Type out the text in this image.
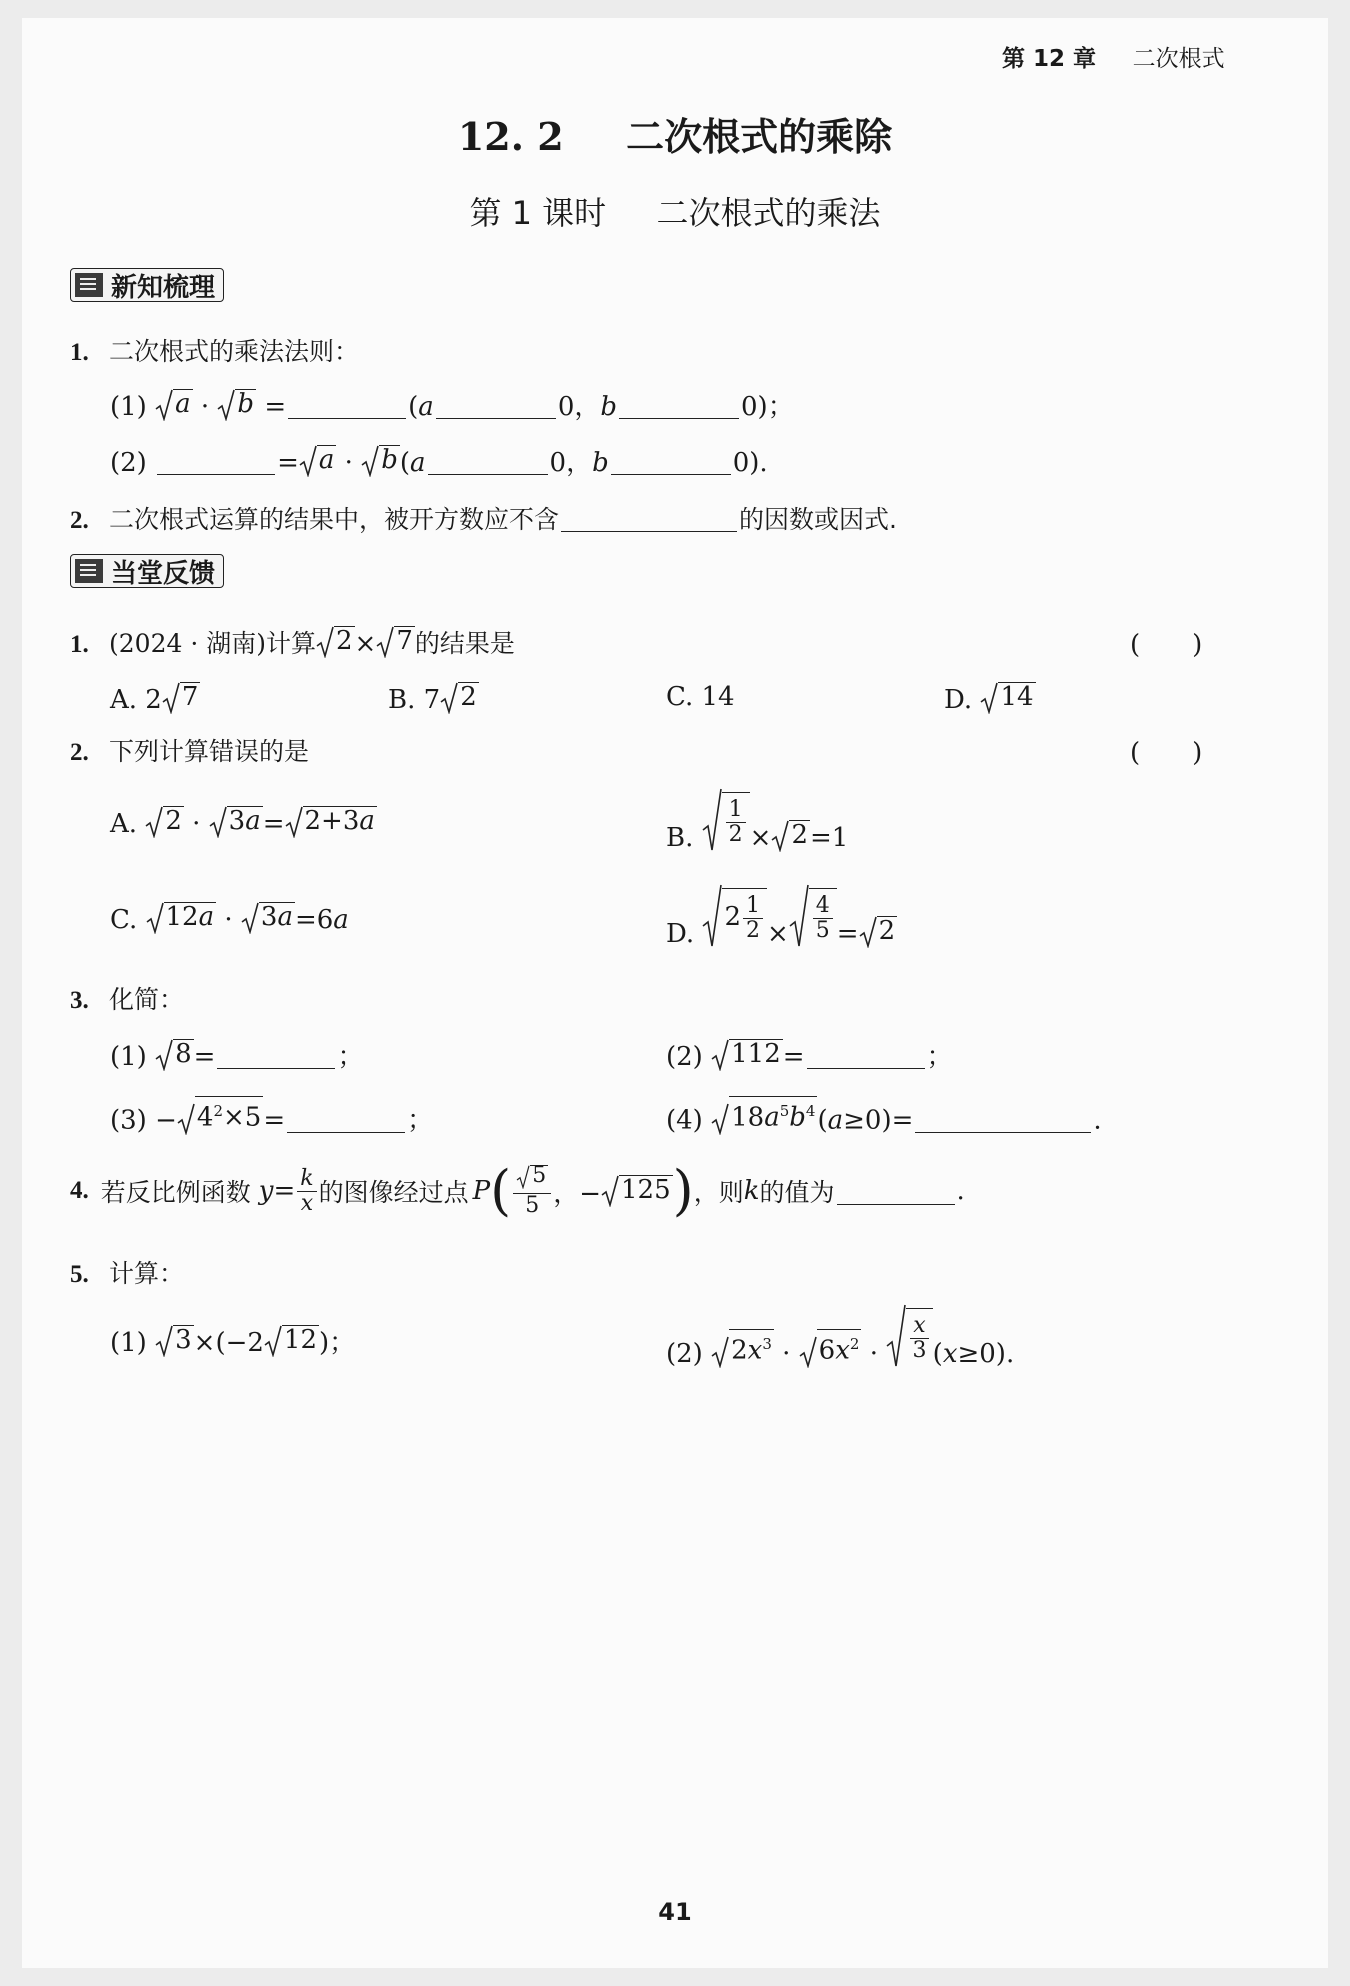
第 12 章 二次根式
12. 2 二次根式的乘除
第 1 课时 二次根式的乘法
新知梳理
1. 二次根式的乘法法则：
(1) a · b =	(a	0，b	0)；
(2)	= a · b (a	0，b	0).
2. 二次根式运算的结果中，被开方数应不含	的因数或因式.
当堂反馈
1. (2024 · 湖南)计算 2 × 7 的结果是	(　　)
A. 2 7	B. 7 2	C. 14	D. 14
2. 下列计算错误的是	(　　)
A. 2 · 3a = 2+3a
B. $\frac{1}{2} \times 2 =1$
C. 12a · 3a =6a	D.
$2 \frac{1}{2} \times \frac{4}{5} = 2$
3. 化简：
(1) 8 =	；	(2) 112 =	；
$(3) - 4^2\times 5$ =	；	(4) $18a^5b^4$ (a≥0)=	.
4. 若反比例函数 $y= \frac{k}{x}$ 的图像经过点 P ( $\frac{5}{5}$ ，− 125 ) ，则 k 的值为	.
5. 计算：
(1) 3 ×(−2 12 )；	(2) $2x^3 \cdot 6x^2 \cdot \frac{x}{3} (x\ge 0)$.
41
